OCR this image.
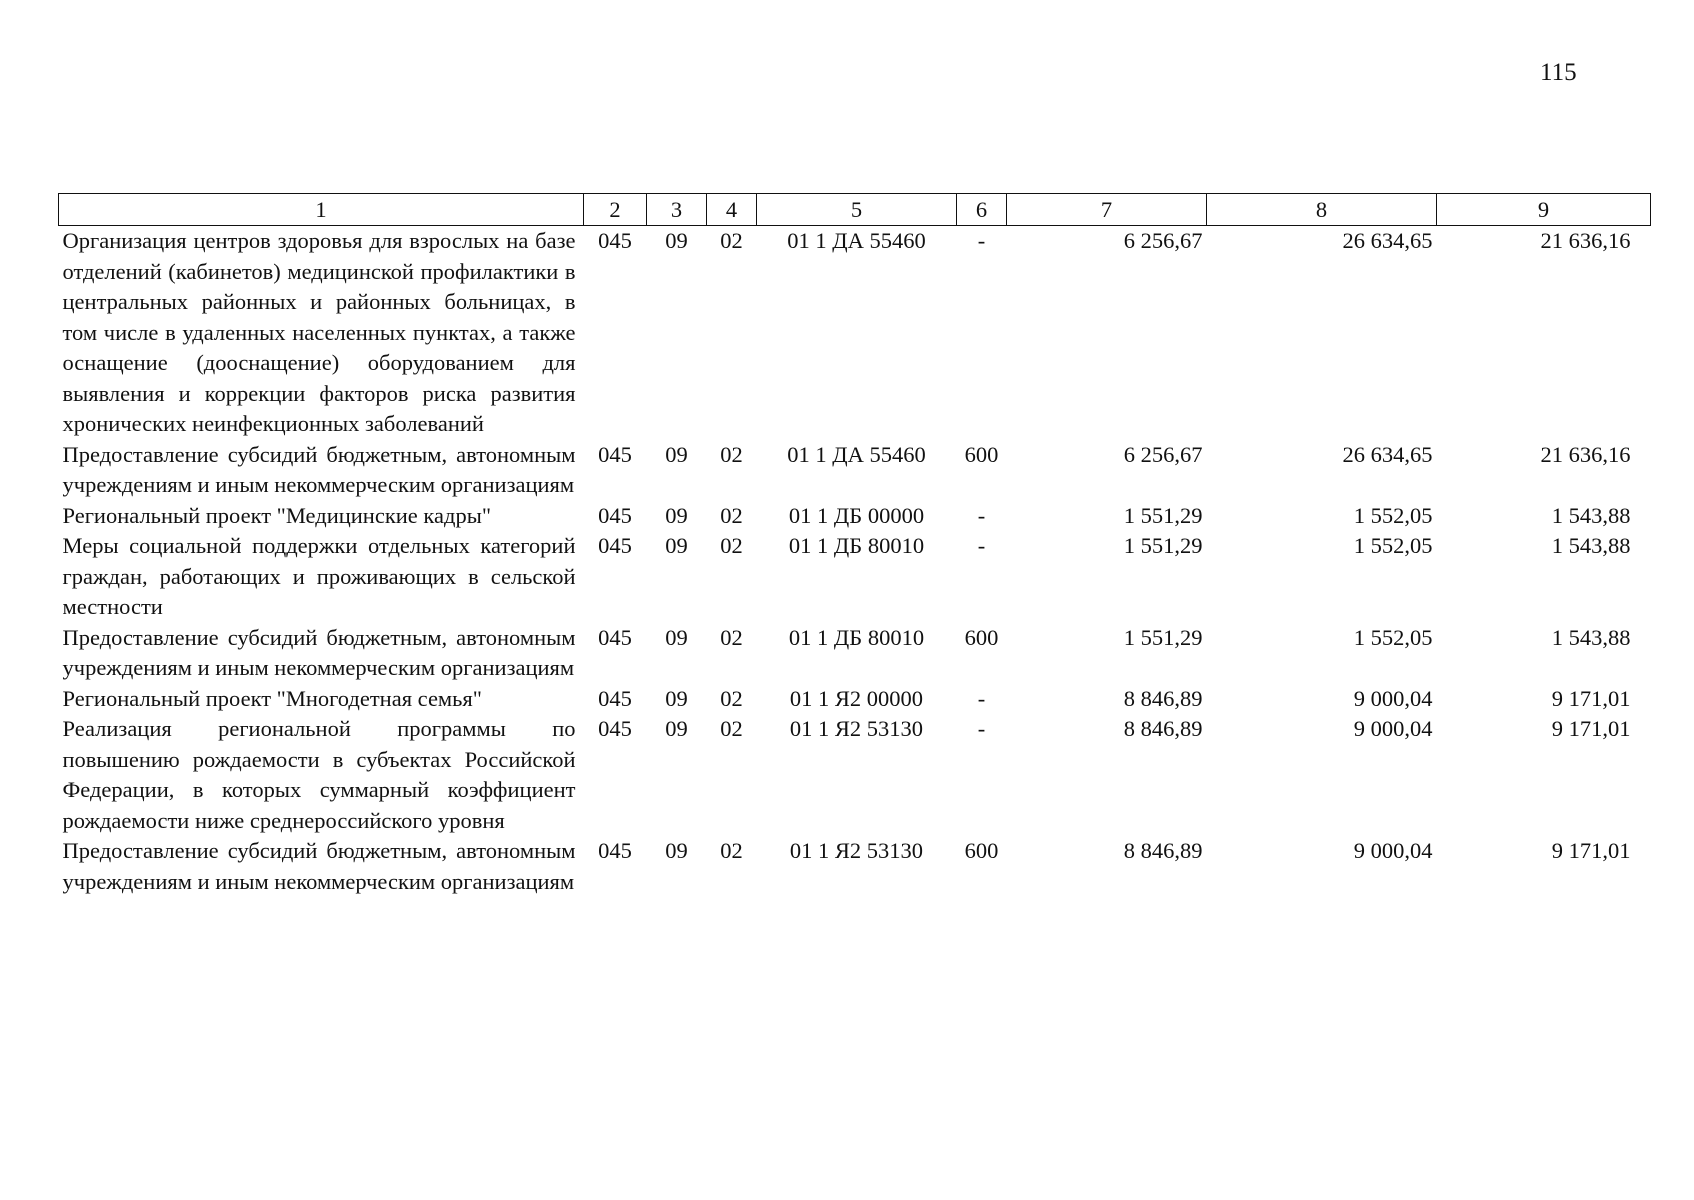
115
1	2	3	4	5	6	7	8	9
Организация центров здоровья для взрослых на базе отделений (кабинетов) медицинской профилактики в центральных районных и районных больницах, в том числе в удаленных населенных пунктах, а также оснащение (дооснащение) оборудованием для выявления и коррекции факторов риска развития хронических неинфекционных заболеваний	045	09	02	01 1 ДА 55460	-	6 256,67	26 634,65	21 636,16
Предоставление субсидий бюджетным, автономным учреждениям и иным некоммерческим организациям	045	09	02	01 1 ДА 55460	600	6 256,67	26 634,65	21 636,16
Региональный проект "Медицинские кадры"	045	09	02	01 1 ДБ 00000	-	1 551,29	1 552,05	1 543,88
Меры социальной поддержки отдельных категорий граждан, работающих и проживающих в сельской местности	045	09	02	01 1 ДБ 80010	-	1 551,29	1 552,05	1 543,88
Предоставление субсидий бюджетным, автономным учреждениям и иным некоммерческим организациям	045	09	02	01 1 ДБ 80010	600	1 551,29	1 552,05	1 543,88
Региональный проект "Многодетная семья"	045	09	02	01 1 Я2 00000	-	8 846,89	9 000,04	9 171,01
Реализация региональной программы по повышению рождаемости в субъектах Российской Федерации, в которых суммарный коэффициент рождаемости ниже среднероссийского уровня	045	09	02	01 1 Я2 53130	-	8 846,89	9 000,04	9 171,01
Предоставление субсидий бюджетным, автономным учреждениям и иным некоммерческим организациям	045	09	02	01 1 Я2 53130	600	8 846,89	9 000,04	9 171,01
